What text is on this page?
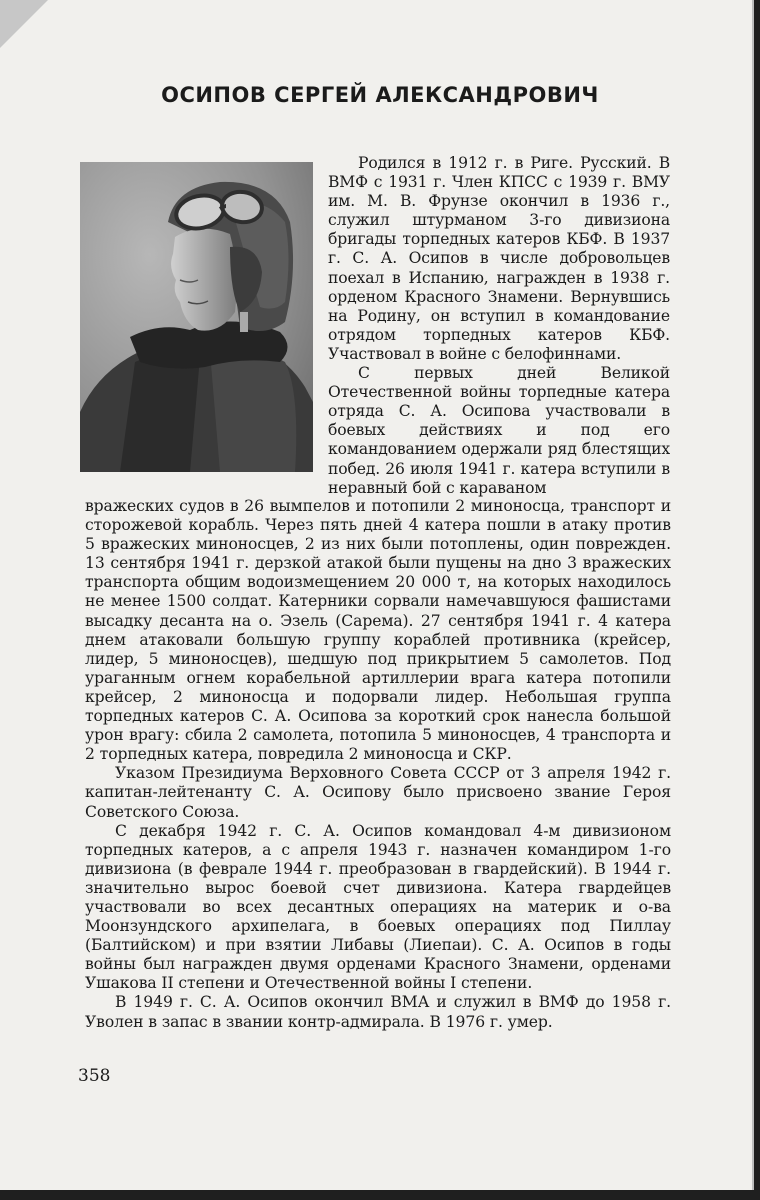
ОСИПОВ СЕРГЕЙ АЛЕКСАНДРОВИЧ

Родился в 1912 г. в Риге. Русский. В ВМФ с 1931 г. Член КПСС с 1939 г. ВМУ им. М. В. Фрунзе окончил в 1936 г., служил штурманом 3-го дивизиона бригады торпедных катеров КБФ. В 1937 г. С. А. Осипов в числе добровольцев поехал в Испанию, награжден в 1938 г. орденом Красного Знамени. Вернувшись на Родину, он вступил в командование отрядом торпедных катеров КБФ. Участвовал в войне с белофиннами.

С первых дней Великой Отечественной войны торпедные катера отряда С. А. Осипова участвовали в боевых действиях и под его командованием одержали ряд блестящих побед. 26 июля 1941 г. катера вступили в неравный бой с караваном

вражеских судов в 26 вымпелов и потопили 2 миноносца, транспорт и сторожевой корабль. Через пять дней 4 катера пошли в атаку против 5 вражеских миноносцев, 2 из них были потоплены, один поврежден. 13 сентября 1941 г. дерзкой атакой были пущены на дно 3 вражеских транспорта общим водоизмещением 20 000 т, на которых находилось не менее 1500 солдат. Катерники сорвали намечавшуюся фашистами высадку десанта на о. Эзель (Сарема). 27 сентября 1941 г. 4 катера днем атаковали большую группу кораблей противника (крейсер, лидер, 5 миноносцев), шедшую под прикрытием 5 самолетов. Под ураганным огнем корабельной артиллерии врага катера потопили крейсер, 2 миноносца и подорвали лидер. Небольшая группа торпедных катеров С. А. Осипова за короткий срок нанесла большой урон врагу: сбила 2 самолета, потопила 5 миноносцев, 4 транспорта и 2 торпедных катера, повредила 2 миноносца и СКР.

Указом Президиума Верховного Совета СССР от 3 апреля 1942 г. капитан-лейтенанту С. А. Осипову было присвоено звание Героя Советского Союза.

С декабря 1942 г. С. А. Осипов командовал 4-м дивизионом торпедных катеров, а с апреля 1943 г. назначен командиром 1-го дивизиона (в феврале 1944 г. преобразован в гвардейский). В 1944 г. значительно вырос боевой счет дивизиона. Катера гвардейцев участвовали во всех десантных операциях на материк и о-ва Моонзундского архипелага, в боевых операциях под Пиллау (Балтийском) и при взятии Либавы (Лиепаи). С. А. Осипов в годы войны был награжден двумя орденами Красного Знамени, орденами Ушакова II степени и Отечественной войны I степени.

В 1949 г. С. А. Осипов окончил ВМА и служил в ВМФ до 1958 г. Уволен в запас в звании контр-адмирала. В 1976 г. умер.

358
